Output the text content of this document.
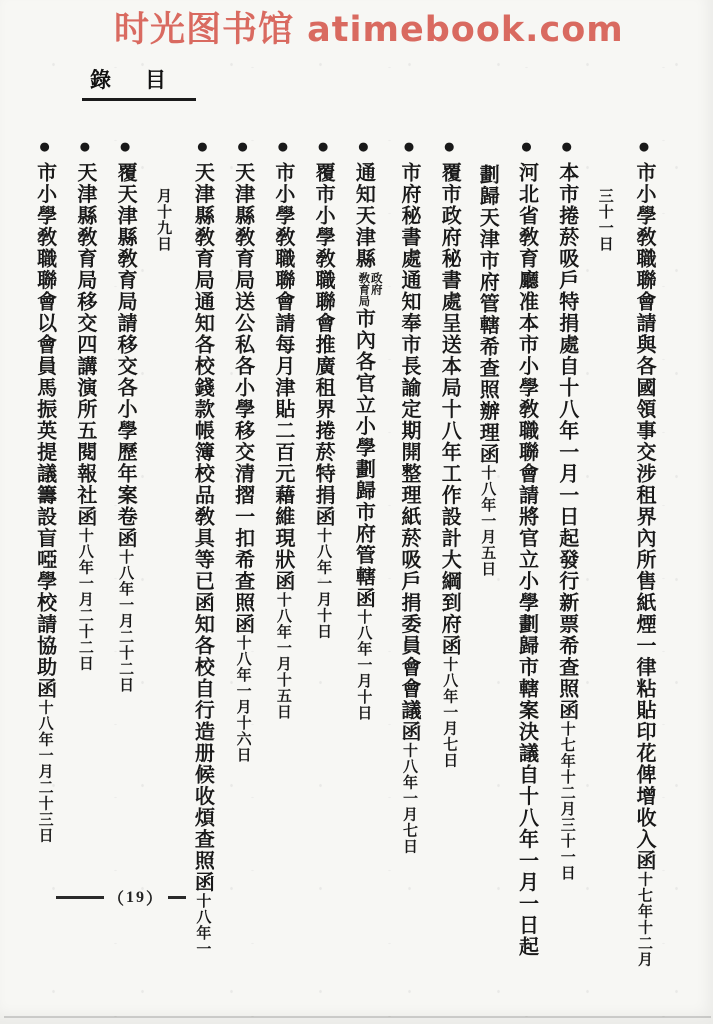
时光图书馆 atimebook.com
錄目
●市小學敎職聯會請與各國領事交涉租界內所售紙煙一律粘貼印花俾增收入函十七年十二月
三十一日
●本市捲菸吸戶特捐處自十八年一月一日起發行新票希查照函十七年十二月三十一日
●河北省敎育廳准本市小學敎職聯會請將官立小學劃歸市轄案決議自十八年一月一日起
劃歸天津市府管轄希查照辦理函十八年一月五日
●覆市政府秘書處呈送本局十八年工作設計大綱到府函十八年一月七日
●市府秘書處通知奉市長諭定期開整理紙菸吸戶捐委員會會議函十八年一月七日
●通知天津縣
政府
敎育局
市內各官立小學劃歸市府管轄函十八年一月十日
●覆市小學敎職聯會推廣租界捲菸特捐函十八年一月十日
●市小學敎職聯會請每月津貼二百元藉維現狀函十八年一月十五日
●天津縣敎育局送公私各小學移交清摺一扣希查照函十八年一月十六日
●天津縣敎育局通知各校錢款帳簿校品敎具等已函知各校自行造册候收煩查照函十八年一
月十九日
●覆天津縣敎育局請移交各小學歷年案卷函十八年一月二十二日
●天津縣敎育局移交四講演所五閱報社函十八年一月二十二日
●市小學敎職聯會以會員馬振英提議籌設盲啞學校請協助函十八年一月二十三日
（ 19 ）
